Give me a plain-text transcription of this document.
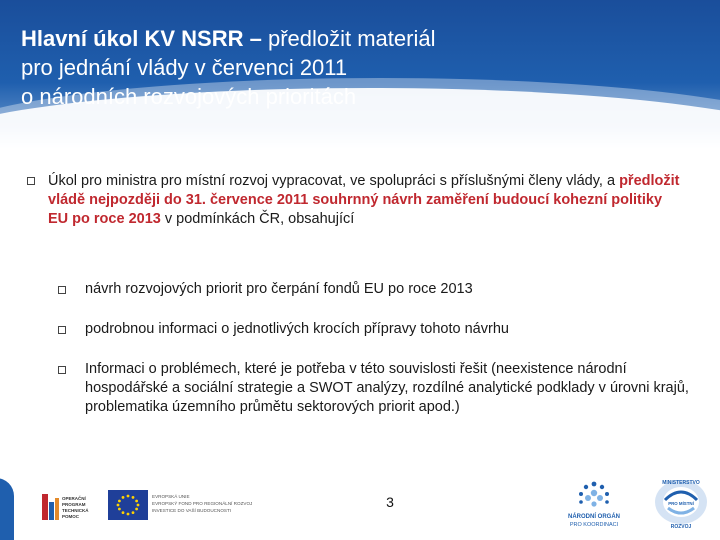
Hlavní úkol KV NSRR – předložit materiál
pro jednání vlády v červenci 2011
o národních rozvojových prioritách
Úkol pro ministra pro místní rozvoj vypracovat, ve spolupráci s příslušnými členy vlády, a předložit vládě nejpozději do 31. července 2011 souhrnný návrh zaměření budoucí kohezní politiky EU po roce 2013 v podmínkách ČR, obsahující
návrh rozvojových priorit pro čerpání fondů EU po roce 2013
podrobnou informaci o jednotlivých krocích přípravy tohoto návrhu
Informaci o problémech, které je potřeba v této souvislosti řešit (neexistence národní hospodářské a sociální strategie a SWOT analýzy, rozdílné analytické podklady v úrovni krajů, problematika územního průmětu sektorových priorit apod.)
OPERAČNÍ
PROGRAM
TECHNICKÁ
POMOC
EVROPSKÁ UNIE
EVROPSKÝ FOND PRO REGIONÁLNÍ ROZVOJ
INVESTICE DO VAŠÍ BUDOUCNOSTI
3
NÁRODNÍ ORGÁN
PRO KOORDINACI
MINISTERSTVO
PRO MÍSTNÍ
ROZVOJ
